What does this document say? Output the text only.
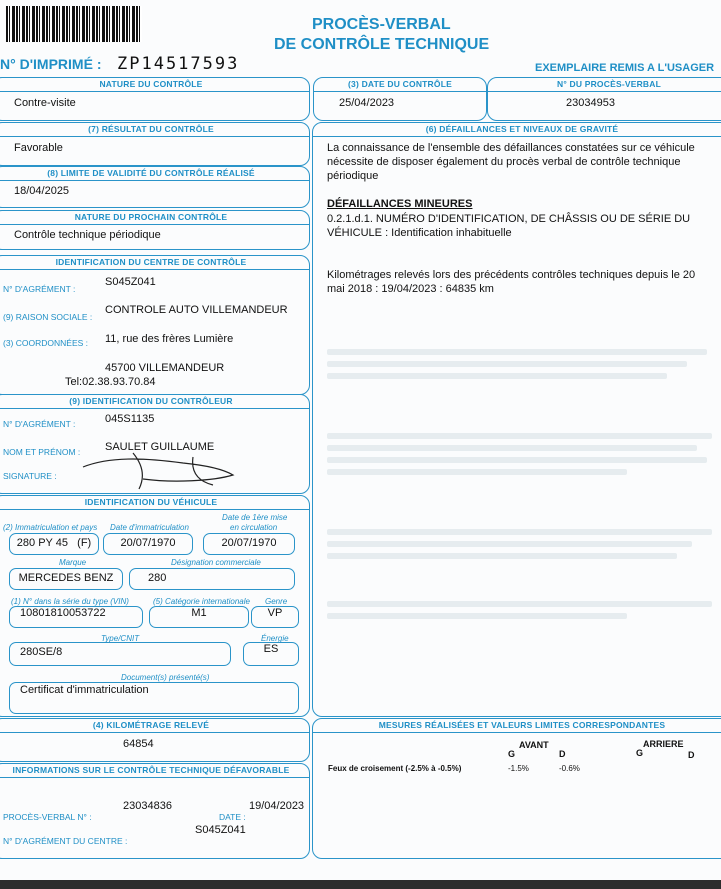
PROCÈS-VERBAL
DE CONTRÔLE TECHNIQUE
N° D'IMPRIMÉ : ZP14517593	EXEMPLAIRE REMIS A L'USAGER
NATURE DU CONTRÔLE
Contre-visite
(3) DATE DU CONTRÔLE
25/04/2023
N° DU PROCÈS-VERBAL
23034953
(7) RÉSULTAT DU CONTRÔLE
Favorable
(8) LIMITE DE VALIDITÉ DU CONTRÔLE RÉALISÉ
18/04/2025
NATURE DU PROCHAIN CONTRÔLE
Contrôle technique périodique
IDENTIFICATION DU CENTRE DE CONTRÔLE
N° D'AGRÉMENT :
S045Z041
(9) RAISON SOCIALE :
CONTROLE AUTO VILLEMANDEUR
(3) COORDONNÉES : 11, rue des frères Lumière
45700 VILLEMANDEUR
Tel:02.38.93.70.84
(9) IDENTIFICATION DU CONTRÔLEUR
N° D'AGRÉMENT :	045S1135
NOM ET PRÉNOM : SAULET GUILLAUME
SIGNATURE :
IDENTIFICATION DU VÉHICULE
(2) Immatriculation et pays Date d'immatriculation
Date de 1ère mise
en circulation
280 PY 45 (F)	20/07/1970	20/07/1970
Marque	Désignation commerciale
MERCEDES BENZ	280
(1) N° dans la série du type (VIN)	(5) Catégorie internationale Genre
10801810053722	M1	VP
Type/CNIT	Énergie
280SE/8	ES
Document(s) présenté(s)
Certificat d'immatriculation
(4) KILOMÉTRAGE RELEVÉ
64854
INFORMATIONS SUR LE CONTRÔLE TECHNIQUE DÉFAVORABLE
PROCÈS-VERBAL N° :
23034836
DATE :
19/04/2023
S045Z041
N° D'AGRÉMENT DU CENTRE :
(6) DÉFAILLANCES ET NIVEAUX DE GRAVITÉ
La connaissance de l'ensemble des défaillances constatées sur ce véhicule nécessite de disposer également du procès verbal de contrôle technique périodique
DÉFAILLANCES MINEURES
0.2.1.d.1. NUMÉRO D'IDENTIFICATION, DE CHÂSSIS OU DE SÉRIE DU VÉHICULE : Identification inhabituelle
Kilométrages relevés lors des précédents contrôles techniques depuis le 20 mai 2018 : 19/04/2023 : 64835 km
MESURES RÉALISÉES ET VALEURS LIMITES CORRESPONDANTES
AVANT	ARRIERE
G	D	G	D
Feux de croisement (-2.5% à -0.5%)	-1.5%	-0.6%
